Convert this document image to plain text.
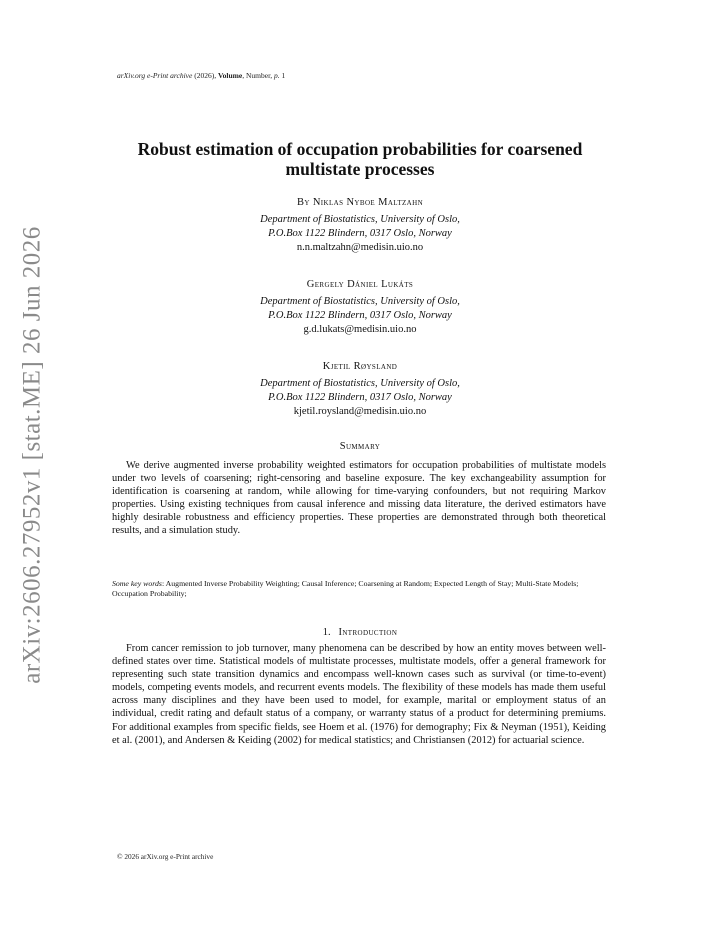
arXiv:2606.27952v1 [stat.ME] 26 Jun 2026
arXiv.org e-Print archive (2026), Volume, Number, p. 1
Robust estimation of occupation probabilities for coarsened multistate processes
By Niklas Nyboe Maltzahn
Department of Biostatistics, University of Oslo,
P.O.Box 1122 Blindern, 0317 Oslo, Norway
n.n.maltzahn@medisin.uio.no
Gergely Dániel Lukáts
Department of Biostatistics, University of Oslo,
P.O.Box 1122 Blindern, 0317 Oslo, Norway
g.d.lukats@medisin.uio.no
Kjetil Røysland
Department of Biostatistics, University of Oslo,
P.O.Box 1122 Blindern, 0317 Oslo, Norway
kjetil.roysland@medisin.uio.no
Summary

We derive augmented inverse probability weighted estimators for occupation probabilities of multistate models under two levels of coarsening; right-censoring and baseline exposure. The key exchangeability assumption for identification is coarsening at random, while allowing for time-varying confounders, but not requiring Markov properties. Using existing techniques from causal inference and missing data literature, the derived estimators have highly desirable robustness and efficiency properties. These properties are demonstrated through both theoretical results, and a simulation study.

Some key words: Augmented Inverse Probability Weighting; Causal Inference; Coarsening at Random; Expected Length of Stay; Multi-State Models; Occupation Probability;

1. Introduction

From cancer remission to job turnover, many phenomena can be described by how an entity moves between well-defined states over time. Statistical models of multistate processes, multistate models, offer a general framework for representing such state transition dynamics and encompass well-known cases such as survival (or time-to-event) models, competing events models, and recurrent events models. The flexibility of these models has made them useful across many disciplines and they have been used to model, for example, marital or employment status of an individual, credit rating and default status of a company, or warranty status of a product for determining premiums. For additional examples from specific fields, see Hoem et al. (1976) for demography; Fix & Neyman (1951), Keiding et al. (2001), and Andersen & Keiding (2002) for medical statistics; and Christiansen (2012) for actuarial science.

© 2026 arXiv.org e-Print archive
